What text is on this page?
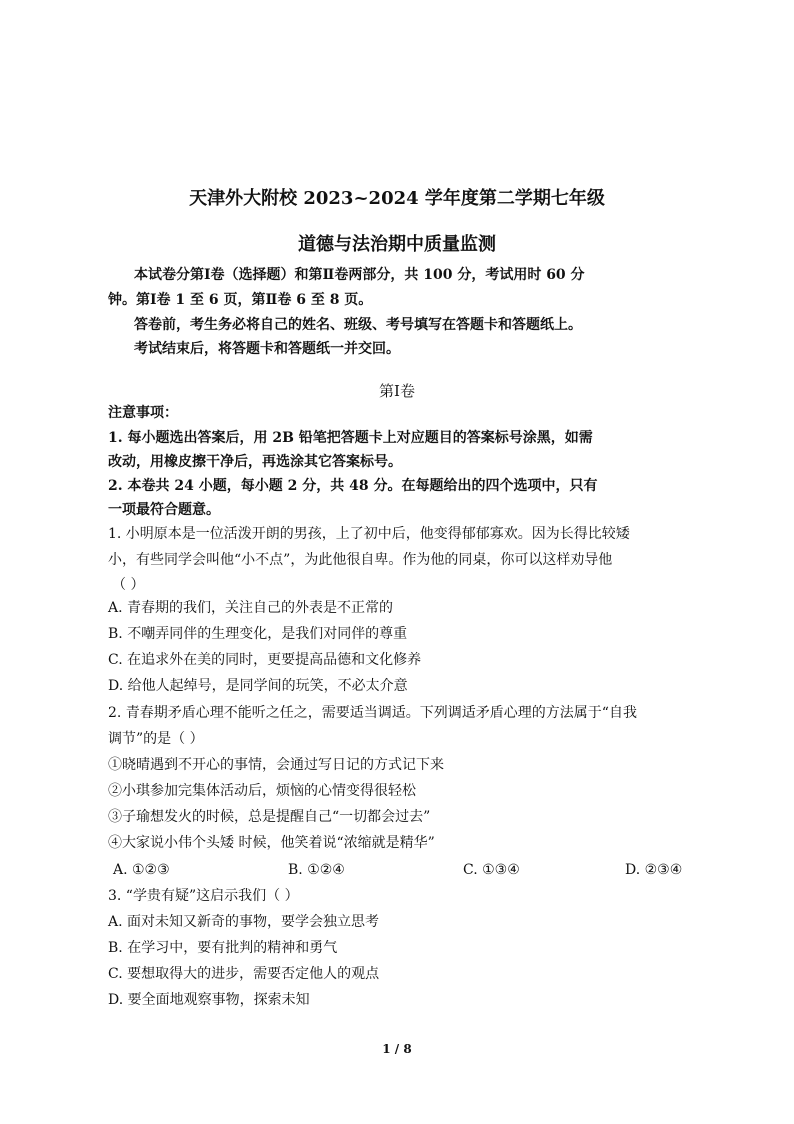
天津外大附校 2023~2024 学年度第二学期七年级
道德与法治期中质量监测
本试卷分第Ⅰ卷（选择题）和第Ⅱ卷两部分，共 100 分，考试用时 60 分
钟。第Ⅰ卷 1 至 6 页，第Ⅱ卷 6 至 8 页。
答卷前，考生务必将自己的姓名、班级、考号填写在答题卡和答题纸上。
考试结束后，将答题卡和答题纸一并交回。
第Ⅰ卷
注意事项：
1. 每小题选出答案后，用 2B 铅笔把答题卡上对应题目的答案标号涂黑，如需
改动，用橡皮擦干净后，再选涂其它答案标号。
2. 本卷共 24 小题，每小题 2 分，共 48 分。在每题给出的四个选项中，只有
一项最符合题意。
1. 小明原本是一位活泼开朗的男孩，上了初中后，他变得郁郁寡欢。因为长得比较矮
小，有些同学会叫他“小不点”，为此他很自卑。作为他的同桌，你可以这样劝导他
（ ）
A. 青春期的我们，关注自己的外表是不正常的
B. 不嘲弄同伴的生理变化，是我们对同伴的尊重
C. 在追求外在美的同时，更要提高品德和文化修养
D. 给他人起绰号，是同学间的玩笑，不必太介意
2. 青春期矛盾心理不能听之任之，需要适当调适。下列调适矛盾心理的方法属于“自我
调节”的是（ ）
①晓晴遇到不开心的事情，会通过写日记的方式记下来
②小琪参加完集体活动后，烦恼的心情变得很轻松
③子瑜想发火的时候，总是提醒自己“一切都会过去”
④大家说小伟个头矮 时候，他笑着说“浓缩就是精华”
A. ①②③	B. ①②④	C. ①③④	D. ②③④
3. “学贵有疑”这启示我们（ ）
A. 面对未知又新奇的事物，要学会独立思考
B. 在学习中，要有批判的精神和勇气
C. 要想取得大的进步，需要否定他人的观点
D. 要全面地观察事物，探索未知
1 / 8
